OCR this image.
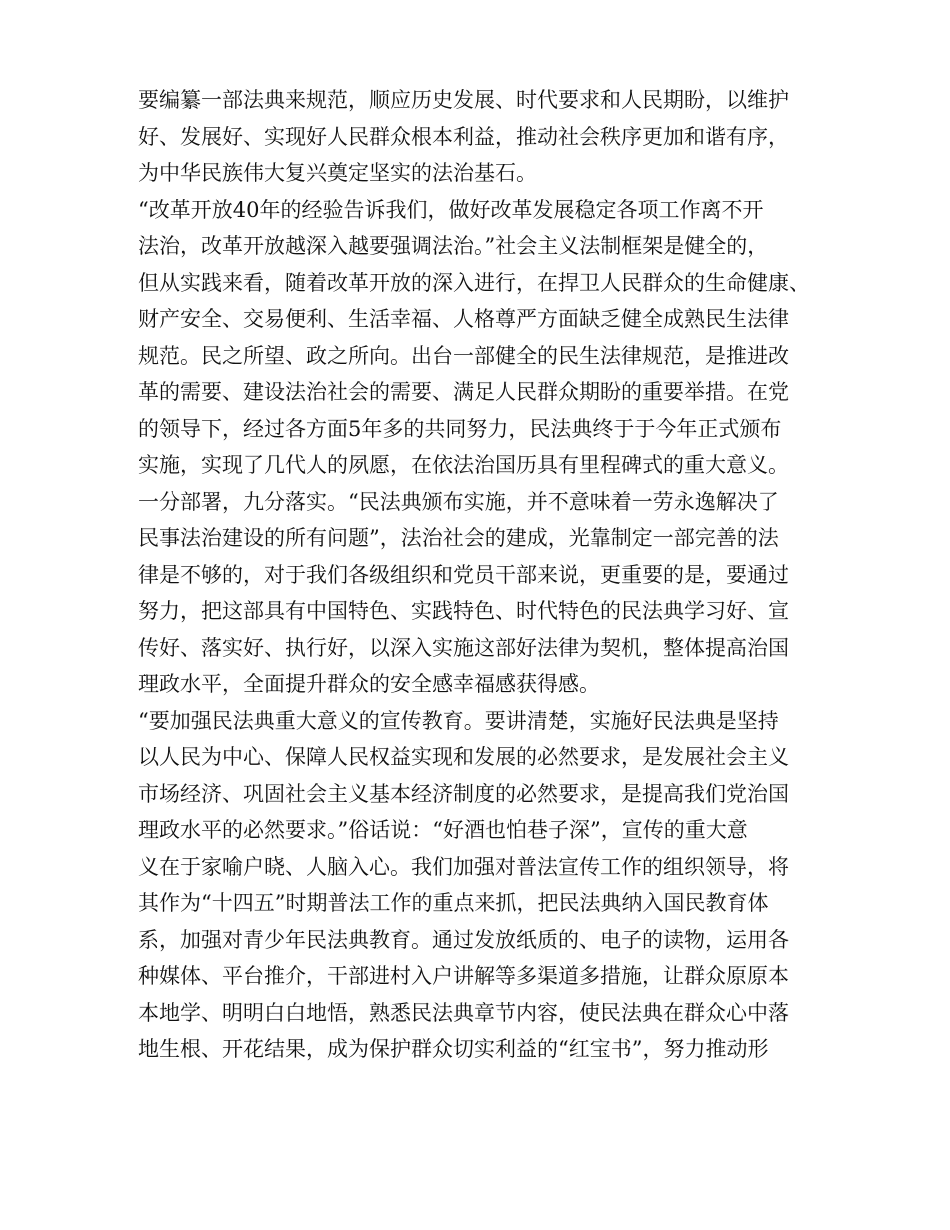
要编纂一部法典来规范，顺应历史发展、时代要求和人民期盼，以维护
好、发展好、实现好人民群众根本利益，推动社会秩序更加和谐有序，
为中华民族伟大复兴奠定坚实的法治基石。
“改革开放40年的经验告诉我们，做好改革发展稳定各项工作离不开
法治，改革开放越深入越要强调法治。”社会主义法制框架是健全的，
但从实践来看，随着改革开放的深入进行，在捍卫人民群众的生命健康、
财产安全、交易便利、生活幸福、人格尊严方面缺乏健全成熟民生法律
规范。民之所望、政之所向。出台一部健全的民生法律规范，是推进改
革的需要、建设法治社会的需要、满足人民群众期盼的重要举措。在党
的领导下，经过各方面5年多的共同努力，民法典终于于今年正式颁布
实施，实现了几代人的夙愿，在依法治国历具有里程碑式的重大意义。
一分部署，九分落实。“民法典颁布实施，并不意味着一劳永逸解决了
民事法治建设的所有问题”，法治社会的建成，光靠制定一部完善的法
律是不够的，对于我们各级组织和党员干部来说，更重要的是，要通过
努力，把这部具有中国特色、实践特色、时代特色的民法典学习好、宣
传好、落实好、执行好，以深入实施这部好法律为契机，整体提高治国
理政水平，全面提升群众的安全感幸福感获得感。
“要加强民法典重大意义的宣传教育。要讲清楚，实施好民法典是坚持
以人民为中心、保障人民权益实现和发展的必然要求，是发展社会主义
市场经济、巩固社会主义基本经济制度的必然要求，是提高我们党治国
理政水平的必然要求。”俗话说：“好酒也怕巷子深”，宣传的重大意
义在于家喻户晓、人脑入心。我们加强对普法宣传工作的组织领导，将
其作为“十四五”时期普法工作的重点来抓，把民法典纳入国民教育体
系，加强对青少年民法典教育。通过发放纸质的、电子的读物，运用各
种媒体、平台推介，干部进村入户讲解等多渠道多措施，让群众原原本
本地学、明明白白地悟，熟悉民法典章节内容，使民法典在群众心中落
地生根、开花结果，成为保护群众切实利益的“红宝书”，努力推动形
